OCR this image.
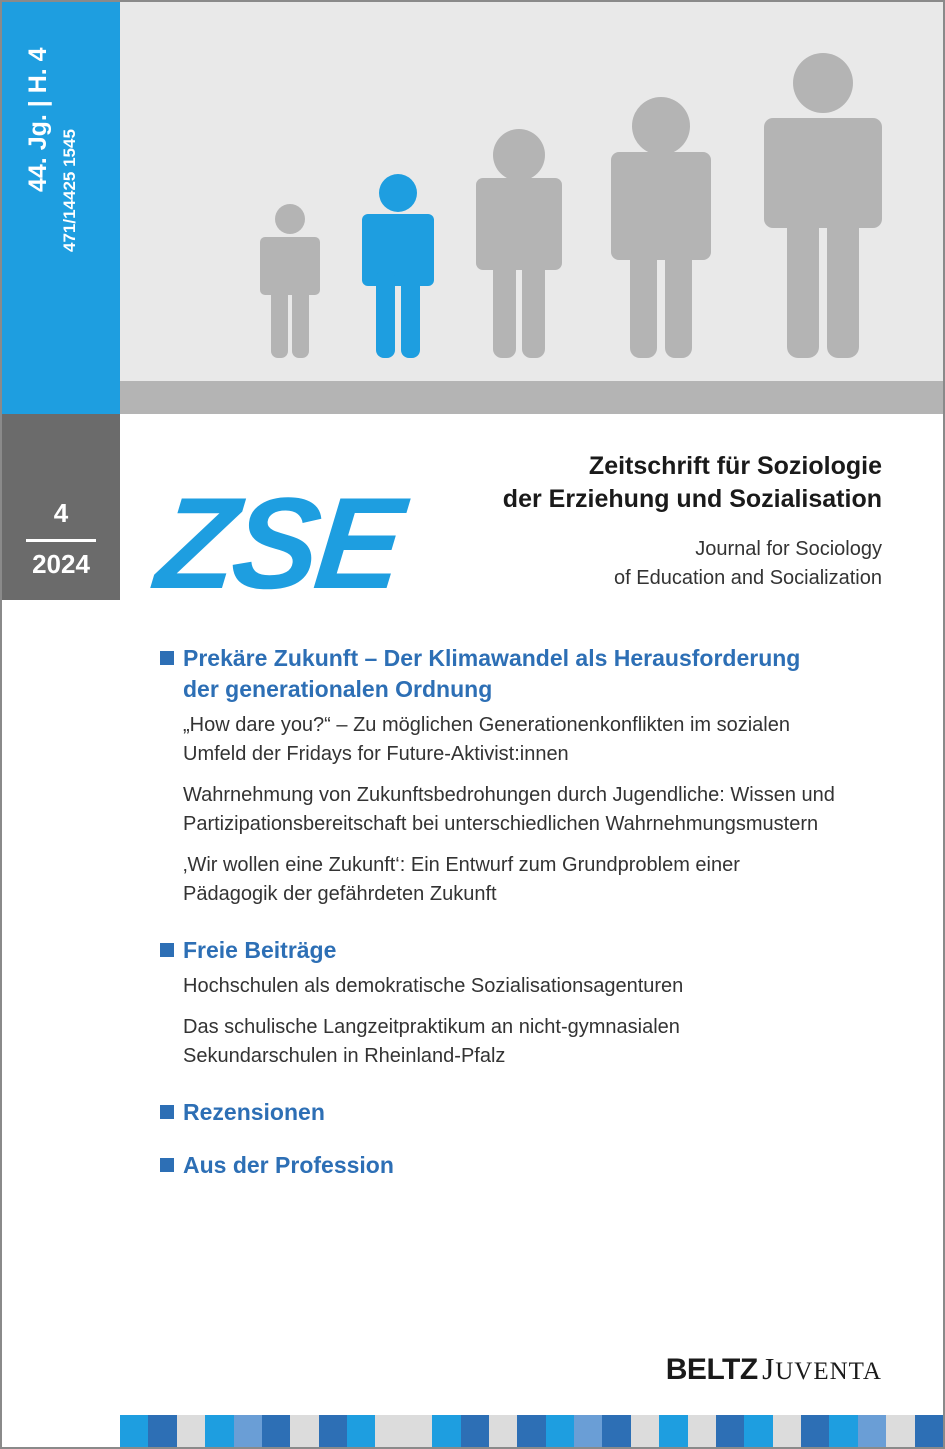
44. Jg. | H. 4 471/14425 1545
4
2024 ZSE
Zeitschrift für Soziologie
der Erziehung und Sozialisation
Journal for Sociology
of Education and Socialization
Prekäre Zukunft – Der Klimawandel als Herausforderung
der generationalen Ordnung
„How dare you?“ – Zu möglichen Generationenkonflikten im sozialen
Umfeld der Fridays for Future-Aktivist:innen
Wahrnehmung von Zukunftsbedrohungen durch Jugendliche: Wissen und
Partizipationsbereitschaft bei unterschiedlichen Wahrnehmungsmustern
‚Wir wollen eine Zukunft‘: Ein Entwurf zum Grundproblem einer
Pädagogik der gefährdeten Zukunft
Freie Beiträge
Hochschulen als demokratische Sozialisationsagenturen
Das schulische Langzeitpraktikum an nicht-gymnasialen
Sekundarschulen in Rheinland-Pfalz
Rezensionen
Aus der Profession
BELTZ JUVENTA
